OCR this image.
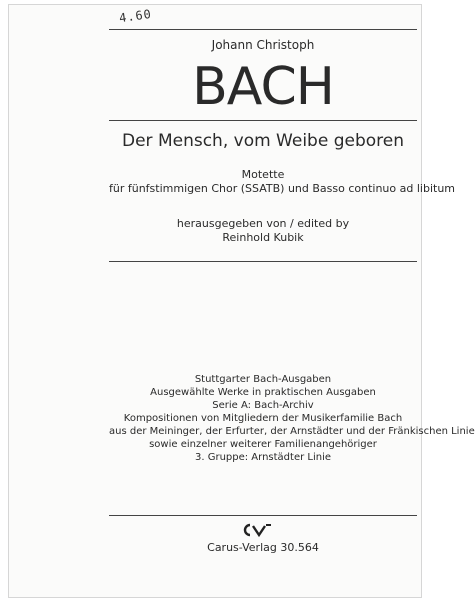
4.60
Johann Christoph
BACH
Der Mensch, vom Weibe geboren
Motette
für fünfstimmigen Chor (SSATB) und Basso continuo ad libitum
herausgegeben von / edited by
Reinhold Kubik
Stuttgarter Bach-Ausgaben
Ausgewählte Werke in praktischen Ausgaben
Serie A: Bach-Archiv
Kompositionen von Mitgliedern der Musikerfamilie Bach
aus der Meininger, der Erfurter, der Arnstädter und der Fränkischen Linie
sowie einzelner weiterer Familienangehöriger
3. Gruppe: Arnstädter Linie
Carus-Verlag 30.564
